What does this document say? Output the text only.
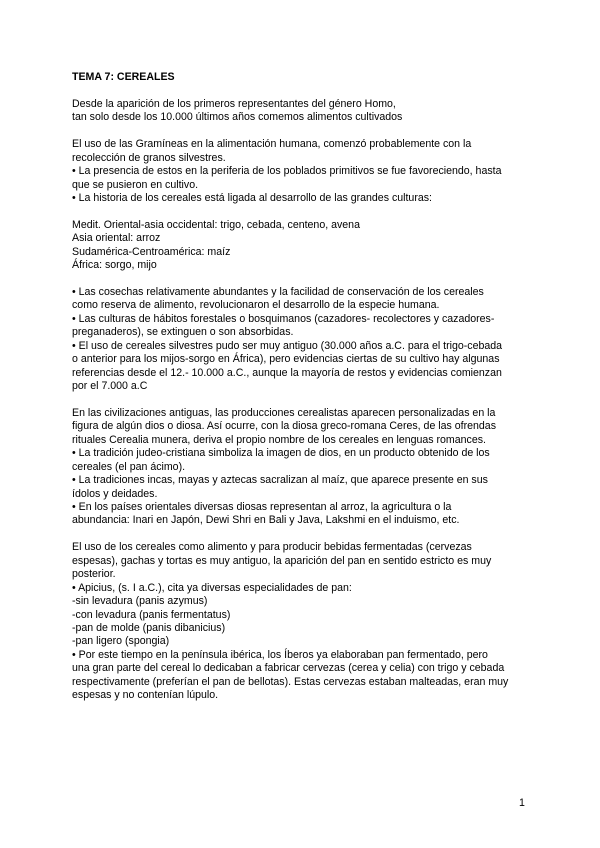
TEMA 7: CEREALES
Desde la aparición de los primeros representantes del género Homo,
tan solo desde los 10.000 últimos años comemos alimentos cultivados
El uso de las Gramíneas en la alimentación humana, comenzó probablemente con la
recolección de granos silvestres.
• La presencia de estos en la periferia de los poblados primitivos se fue favoreciendo, hasta
que se pusieron en cultivo.
• La historia de los cereales está ligada al desarrollo de las grandes culturas:
Medit. Oriental-asia occidental: trigo, cebada, centeno, avena
Asia oriental: arroz
Sudamérica-Centroamérica: maíz
África: sorgo, mijo
• Las cosechas relativamente abundantes y la facilidad de conservación de los cereales
como reserva de alimento, revolucionaron el desarrollo de la especie humana.
• Las culturas de hábitos forestales o bosquimanos (cazadores- recolectores y cazadores-
preganaderos), se extinguen o son absorbidas.
• El uso de cereales silvestres pudo ser muy antiguo (30.000 años a.C. para el trigo-cebada
o anterior para los mijos-sorgo en África), pero evidencias ciertas de su cultivo hay algunas
referencias desde el 12.- 10.000 a.C., aunque la mayoría de restos y evidencias comienzan
por el 7.000 a.C
En las civilizaciones antiguas, las producciones cerealistas aparecen personalizadas en la
figura de algún dios o diosa. Así ocurre, con la diosa greco-romana Ceres, de las ofrendas
rituales Cerealia munera, deriva el propio nombre de los cereales en lenguas romances.
• La tradición judeo-cristiana simboliza la imagen de dios, en un producto obtenido de los
cereales (el pan ácimo).
• La tradiciones incas, mayas y aztecas sacralizan al maíz, que aparece presente en sus
ídolos y deidades.
• En los países orientales diversas diosas representan al arroz, la agricultura o la
abundancia: Inari en Japón, Dewi Shri en Bali y Java, Lakshmi en el induismo, etc.
El uso de los cereales como alimento y para producir bebidas fermentadas (cervezas
espesas), gachas y tortas es muy antiguo, la aparición del pan en sentido estricto es muy
posterior.
• Apicius, (s. I a.C.), cita ya diversas especialidades de pan:
-sin levadura (panis azymus)
-con levadura (panis fermentatus)
-pan de molde (panis dibanicius)
-pan ligero (spongia)
• Por este tiempo en la península ibérica, los Íberos ya elaboraban pan fermentado, pero
una gran parte del cereal lo dedicaban a fabricar cervezas (cerea y celia) con trigo y cebada
respectivamente (preferían el pan de bellotas). Estas cervezas estaban malteadas, eran muy
espesas y no contenían lúpulo.
1
